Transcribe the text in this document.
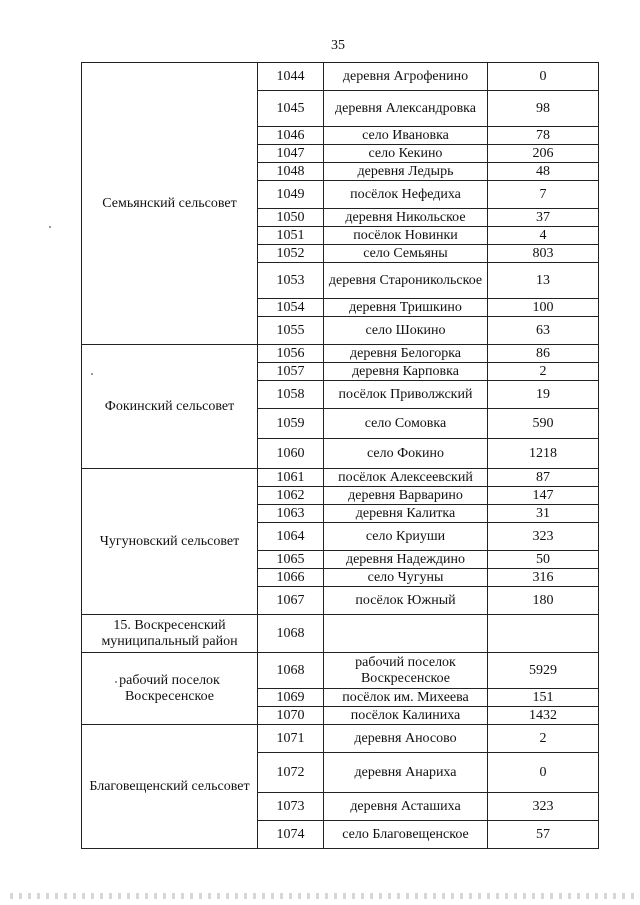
35
Семьянский сельсовет	1044	деревня Агрофенино	0
	1045	деревня Александровка	98
	1046	село Ивановка	78
	1047	село Кекино	206
	1048	деревня Ледырь	48
	1049	посёлок Нефедиха	7
	1050	деревня Никольское	37
	1051	посёлок Новинки	4
	1052	село Семьяны	803
	1053	деревня Староникольское	13
	1054	деревня Тришкино	100
	1055	село Шокино	63
Фокинский сельсовет	1056	деревня Белогорка	86
	1057	деревня Карповка	2
	1058	посёлок Приволжский	19
	1059	село Сомовка	590
	1060	село Фокино	1218
Чугуновский сельсовет	1061	посёлок Алексеевский	87
	1062	деревня Варварино	147
	1063	деревня Калитка	31
	1064	село Криуши	323
	1065	деревня Надеждино	50
	1066	село Чугуны	316
	1067	посёлок Южный	180
15. Воскресенский муниципальный район	1068		
рабочий поселок Воскресенское	1068	рабочий поселок Воскресенское	5929
	1069	посёлок им. Михеева	151
	1070	посёлок Калиниха	1432
Благовещенский сельсовет	1071	деревня Аносово	2
	1072	деревня Анариха	0
	1073	деревня Асташиха	323
	1074	село Благовещенское	57
